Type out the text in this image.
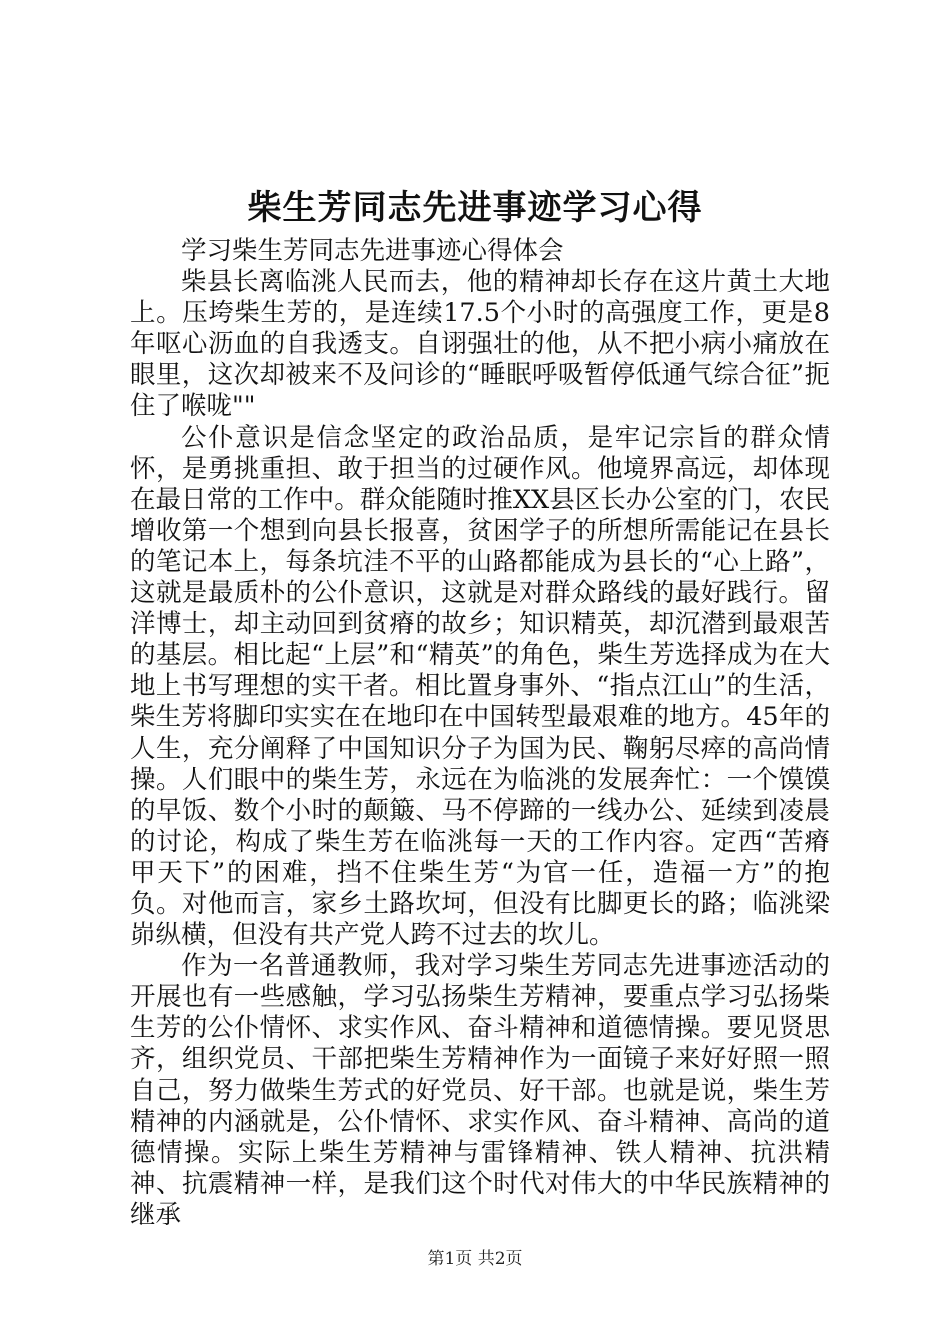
柴生芳同志先进事迹学习心得

学习柴生芳同志先进事迹心得体会

柴县长离临洮人民而去，他的精神却长存在这片黄土大地上。压垮柴生芳的，是连续17.5个小时的高强度工作，更是8年呕心沥血的自我透支。自诩强壮的他，从不把小病小痛放在眼里，这次却被来不及问诊的“睡眠呼吸暂停低通气综合征”扼住了喉咙""

公仆意识是信念坚定的政治品质，是牢记宗旨的群众情怀，是勇挑重担、敢于担当的过硬作风。他境界高远，却体现在最日常的工作中。群众能随时推XX县区长办公室的门，农民增收第一个想到向县长报喜，贫困学子的所想所需能记在县长的笔记本上，每条坑洼不平的山路都能成为县长的“心上路”，这就是最质朴的公仆意识，这就是对群众路线的最好践行。留洋博士，却主动回到贫瘠的故乡；知识精英，却沉潜到最艰苦的基层。相比起“上层”和“精英”的角色，柴生芳选择成为在大地上书写理想的实干者。相比置身事外、“指点江山”的生活，柴生芳将脚印实实在在地印在中国转型最艰难的地方。45年的人生，充分阐释了中国知识分子为国为民、鞠躬尽瘁的高尚情操。人们眼中的柴生芳，永远在为临洮的发展奔忙：一个馍馍的早饭、数个小时的颠簸、马不停蹄的一线办公、延续到凌晨的讨论，构成了柴生芳在临洮每一天的工作内容。定西“苦瘠甲天下”的困难，挡不住柴生芳“为官一任，造福一方”的抱负。对他而言，家乡土路坎坷，但没有比脚更长的路；临洮梁峁纵横，但没有共产党人跨不过去的坎儿。

作为一名普通教师，我对学习柴生芳同志先进事迹活动的开展也有一些感触，学习弘扬柴生芳精神，要重点学习弘扬柴生芳的公仆情怀、求实作风、奋斗精神和道德情操。要见贤思齐，组织党员、干部把柴生芳精神作为一面镜子来好好照一照自己，努力做柴生芳式的好党员、好干部。也就是说，柴生芳精神的内涵就是，公仆情怀、求实作风、奋斗精神、高尚的道德情操。实际上柴生芳精神与雷锋精神、铁人精神、抗洪精神、抗震精神一样，是我们这个时代对伟大的中华民族精神的继承

第1页 共2页
